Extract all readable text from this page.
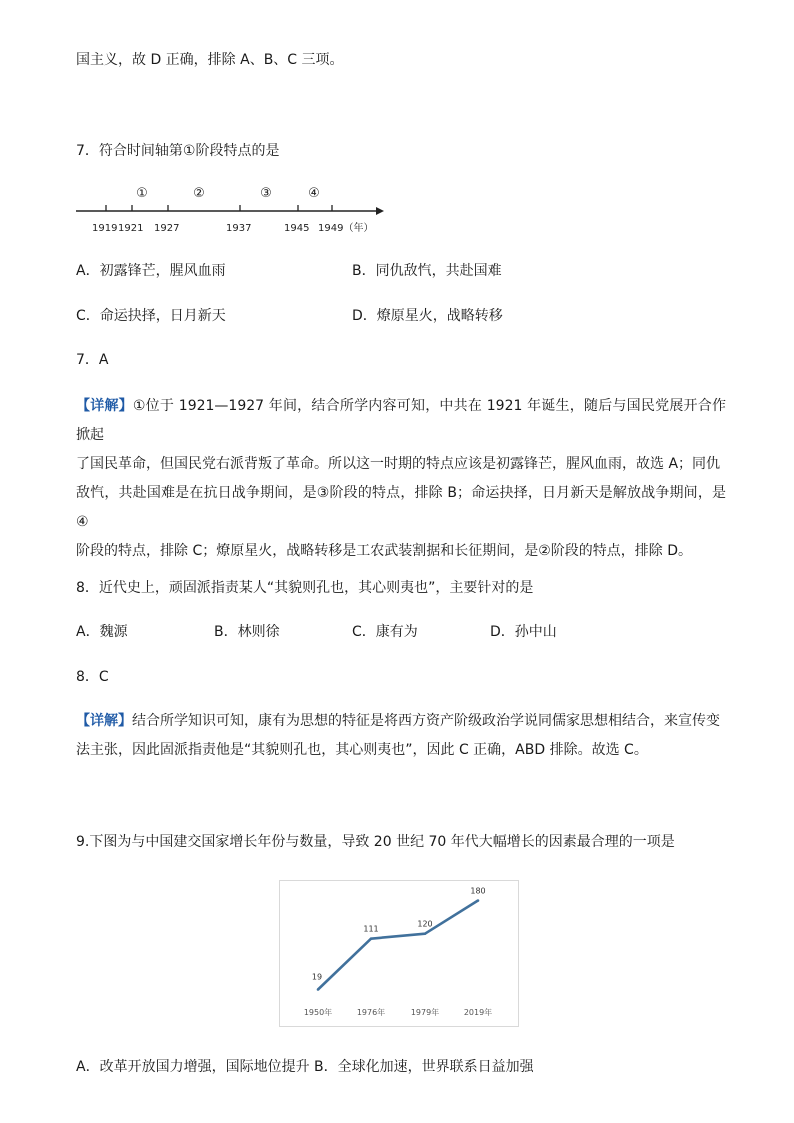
国主义，故 D 正确，排除 A、B、C 三项。
7．符合时间轴第①阶段特点的是
1919 1921 1927	1937	1945 1949（年）
①	②	③	④
A．初露锋芒，腥风血雨	B．同仇敌忾，共赴国难
C．命运抉择，日月新天	D．燎原星火，战略转移
7．A
【详解】①位于 1921—1927 年间，结合所学内容可知，中共在 1921 年诞生，随后与国民党展开合作掀起
了国民革命，但国民党右派背叛了革命。所以这一时期的特点应该是初露锋芒，腥风血雨，故选 A；同仇
敌忾，共赴国难是在抗日战争期间，是③阶段的特点，排除 B；命运抉择，日月新天是解放战争期间，是④
阶段的特点，排除 C；燎原星火，战略转移是工农武装割据和长征期间，是②阶段的特点，排除 D。
8．近代史上，顽固派指责某人“其貌则孔也，其心则夷也”，主要针对的是
A．魏源	B．林则徐	C．康有为	D．孙中山
8．C
【详解】结合所学知识可知，康有为思想的特征是将西方资产阶级政治学说同儒家思想相结合，来宣传变
法主张，因此固派指责他是“其貌则孔也，其心则夷也”，因此 C 正确，ABD 排除。故选 C。
9.下图为与中国建交国家增长年份与数量，导致 20 世纪 70 年代大幅增长的因素最合理的一项是
19
1950年
111
1976年
120
1979年
180
2019年
A．改革开放国力增强，国际地位提升 B．全球化加速，世界联系日益加强
